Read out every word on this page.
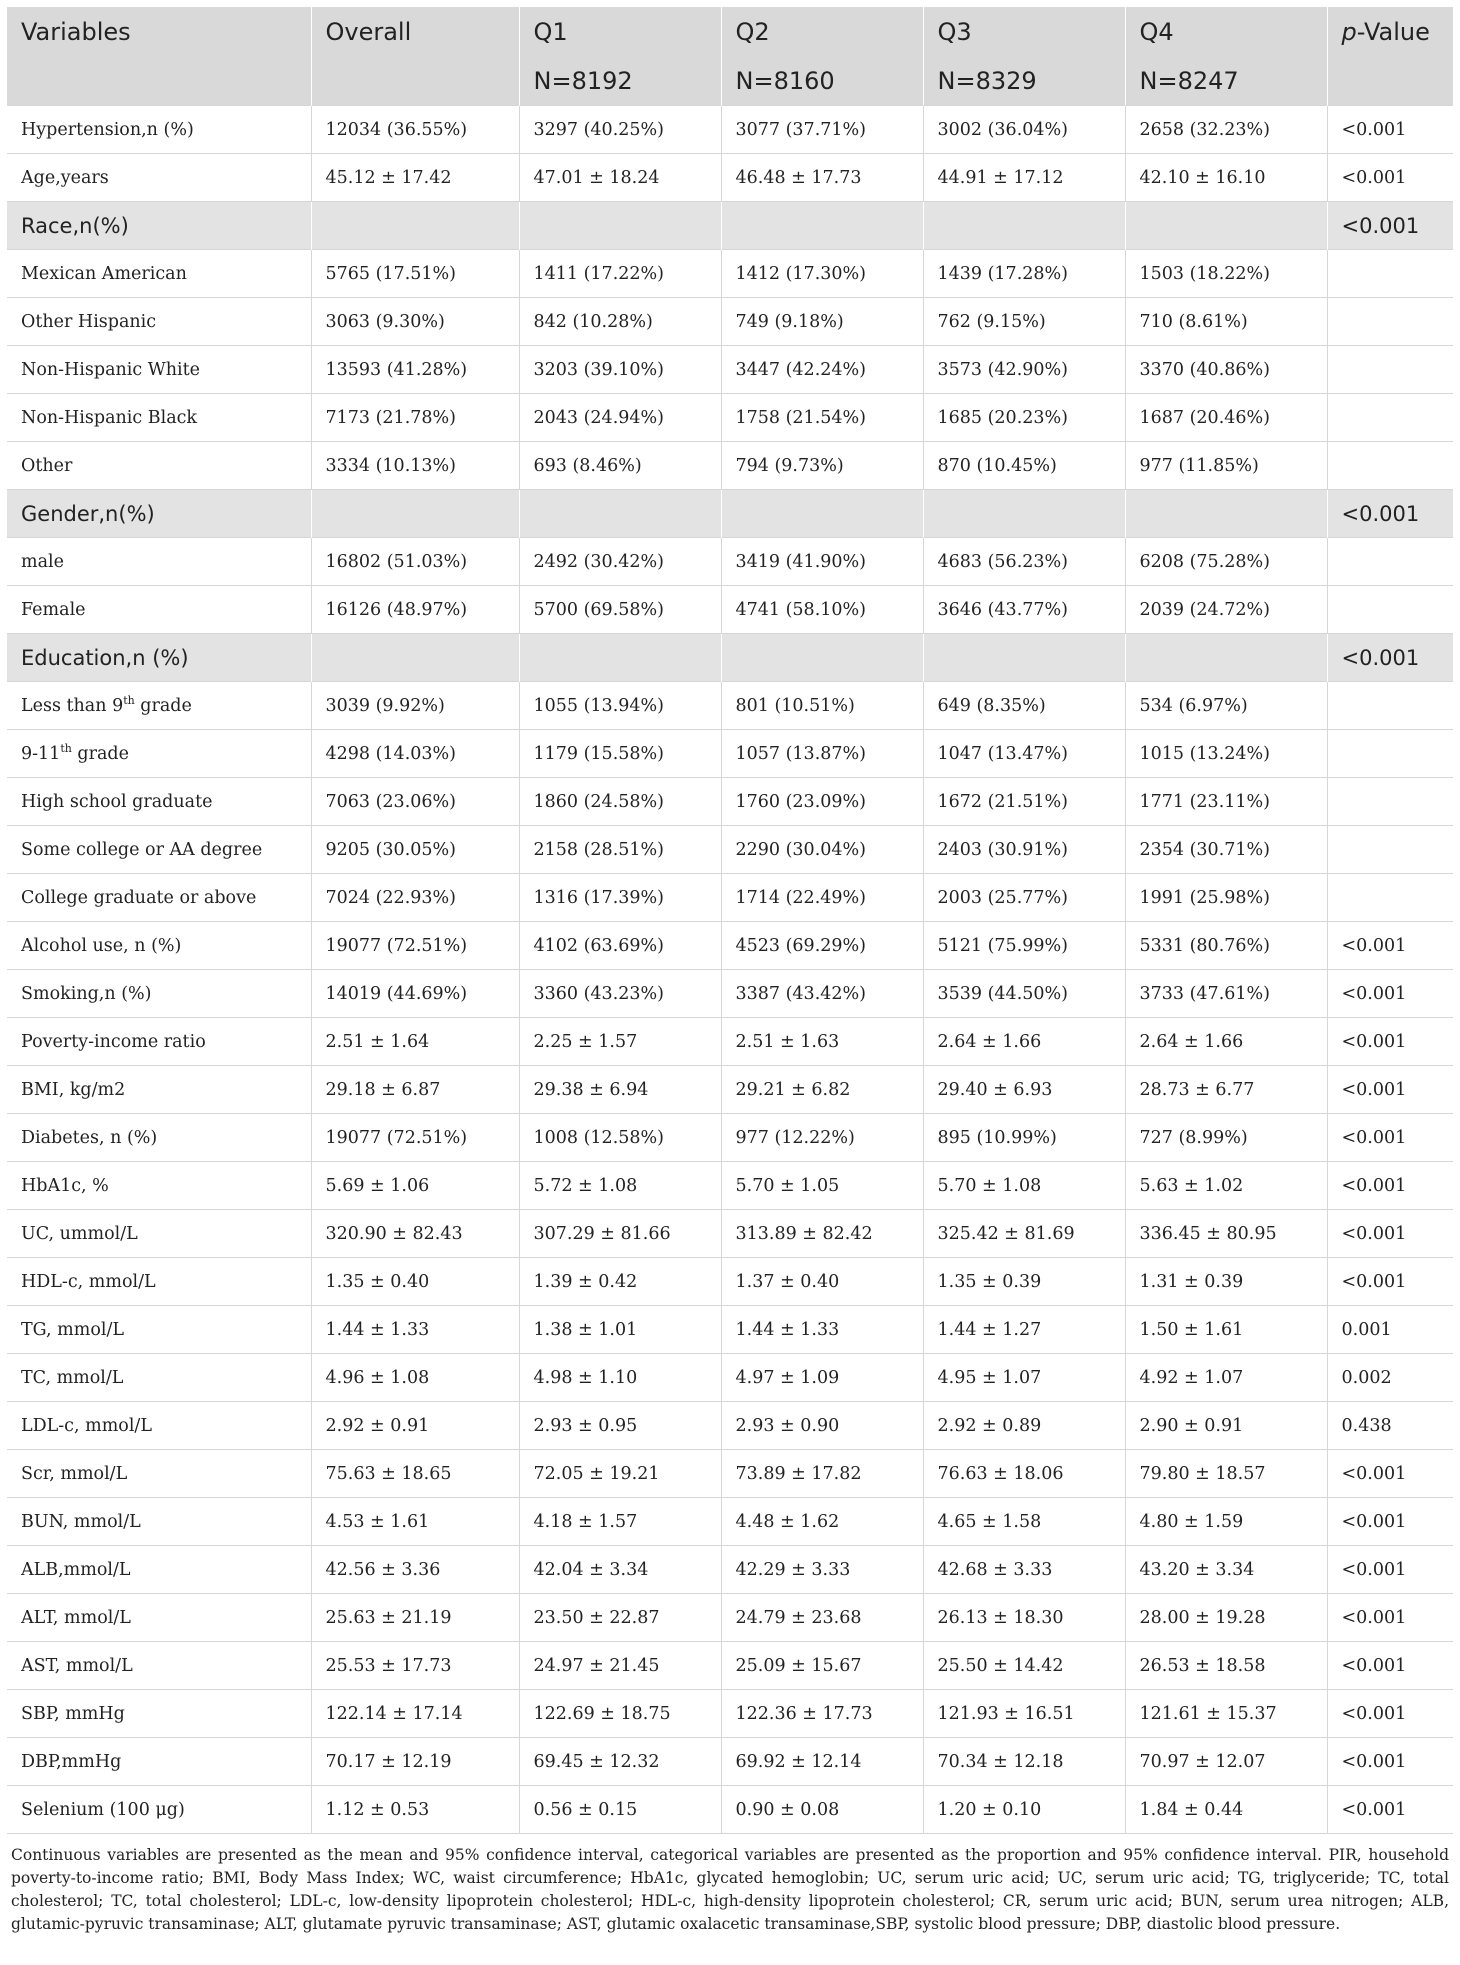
Variables	Overall	Q1	Q2	Q3	Q4	p-Value
		N=8192	N=8160	N=8329	N=8247	
Hypertension,n (%)	12034 (36.55%)	3297 (40.25%)	3077 (37.71%)	3002 (36.04%)	2658 (32.23%)	<0.001
Age,years	45.12 ± 17.42	47.01 ± 18.24	46.48 ± 17.73	44.91 ± 17.12	42.10 ± 16.10	<0.001
Race,n(%)						<0.001
Mexican American	5765 (17.51%)	1411 (17.22%)	1412 (17.30%)	1439 (17.28%)	1503 (18.22%)	
Other Hispanic	3063 (9.30%)	842 (10.28%)	749 (9.18%)	762 (9.15%)	710 (8.61%)	
Non-Hispanic White	13593 (41.28%)	3203 (39.10%)	3447 (42.24%)	3573 (42.90%)	3370 (40.86%)	
Non-Hispanic Black	7173 (21.78%)	2043 (24.94%)	1758 (21.54%)	1685 (20.23%)	1687 (20.46%)	
Other	3334 (10.13%)	693 (8.46%)	794 (9.73%)	870 (10.45%)	977 (11.85%)	
Gender,n(%)						<0.001
male	16802 (51.03%)	2492 (30.42%)	3419 (41.90%)	4683 (56.23%)	6208 (75.28%)	
Female	16126 (48.97%)	5700 (69.58%)	4741 (58.10%)	3646 (43.77%)	2039 (24.72%)	
Education,n (%)						<0.001
Less than 9th grade	3039 (9.92%)	1055 (13.94%)	801 (10.51%)	649 (8.35%)	534 (6.97%)	
9-11th grade	4298 (14.03%)	1179 (15.58%)	1057 (13.87%)	1047 (13.47%)	1015 (13.24%)	
High school graduate	7063 (23.06%)	1860 (24.58%)	1760 (23.09%)	1672 (21.51%)	1771 (23.11%)	
Some college or AA degree	9205 (30.05%)	2158 (28.51%)	2290 (30.04%)	2403 (30.91%)	2354 (30.71%)	
College graduate or above	7024 (22.93%)	1316 (17.39%)	1714 (22.49%)	2003 (25.77%)	1991 (25.98%)	
Alcohol use, n (%)	19077 (72.51%)	4102 (63.69%)	4523 (69.29%)	5121 (75.99%)	5331 (80.76%)	<0.001
Smoking,n (%)	14019 (44.69%)	3360 (43.23%)	3387 (43.42%)	3539 (44.50%)	3733 (47.61%)	<0.001
Poverty-income ratio	2.51 ± 1.64	2.25 ± 1.57	2.51 ± 1.63	2.64 ± 1.66	2.64 ± 1.66	<0.001
BMI, kg/m2	29.18 ± 6.87	29.38 ± 6.94	29.21 ± 6.82	29.40 ± 6.93	28.73 ± 6.77	<0.001
Diabetes, n (%)	19077 (72.51%)	1008 (12.58%)	977 (12.22%)	895 (10.99%)	727 (8.99%)	<0.001
HbA1c, %	5.69 ± 1.06	5.72 ± 1.08	5.70 ± 1.05	5.70 ± 1.08	5.63 ± 1.02	<0.001
UC, ummol/L	320.90 ± 82.43	307.29 ± 81.66	313.89 ± 82.42	325.42 ± 81.69	336.45 ± 80.95	<0.001
HDL-c, mmol/L	1.35 ± 0.40	1.39 ± 0.42	1.37 ± 0.40	1.35 ± 0.39	1.31 ± 0.39	<0.001
TG, mmol/L	1.44 ± 1.33	1.38 ± 1.01	1.44 ± 1.33	1.44 ± 1.27	1.50 ± 1.61	0.001
TC, mmol/L	4.96 ± 1.08	4.98 ± 1.10	4.97 ± 1.09	4.95 ± 1.07	4.92 ± 1.07	0.002
LDL-c, mmol/L	2.92 ± 0.91	2.93 ± 0.95	2.93 ± 0.90	2.92 ± 0.89	2.90 ± 0.91	0.438
Scr, mmol/L	75.63 ± 18.65	72.05 ± 19.21	73.89 ± 17.82	76.63 ± 18.06	79.80 ± 18.57	<0.001
BUN, mmol/L	4.53 ± 1.61	4.18 ± 1.57	4.48 ± 1.62	4.65 ± 1.58	4.80 ± 1.59	<0.001
ALB,mmol/L	42.56 ± 3.36	42.04 ± 3.34	42.29 ± 3.33	42.68 ± 3.33	43.20 ± 3.34	<0.001
ALT, mmol/L	25.63 ± 21.19	23.50 ± 22.87	24.79 ± 23.68	26.13 ± 18.30	28.00 ± 19.28	<0.001
AST, mmol/L	25.53 ± 17.73	24.97 ± 21.45	25.09 ± 15.67	25.50 ± 14.42	26.53 ± 18.58	<0.001
SBP, mmHg	122.14 ± 17.14	122.69 ± 18.75	122.36 ± 17.73	121.93 ± 16.51	121.61 ± 15.37	<0.001
DBP,mmHg	70.17 ± 12.19	69.45 ± 12.32	69.92 ± 12.14	70.34 ± 12.18	70.97 ± 12.07	<0.001
Selenium (100 μg)	1.12 ± 0.53	0.56 ± 0.15	0.90 ± 0.08	1.20 ± 0.10	1.84 ± 0.44	<0.001
Continuous variables are presented as the mean and 95% confidence interval, categorical variables are presented as the proportion and 95% confidence interval. PIR, household poverty-to-income ratio; BMI, Body Mass Index; WC, waist circumference; HbA1c, glycated hemoglobin; UC, serum uric acid; UC, serum uric acid; TG, triglyceride; TC, total cholesterol; TC, total cholesterol; LDL-c, low-density lipoprotein cholesterol; HDL-c, high-density lipoprotein cholesterol; CR, serum uric acid; BUN, serum urea nitrogen; ALB, glutamic-pyruvic transaminase; ALT, glutamate pyruvic transaminase; AST, glutamic oxalacetic transaminase,SBP, systolic blood pressure; DBP, diastolic blood pressure.
